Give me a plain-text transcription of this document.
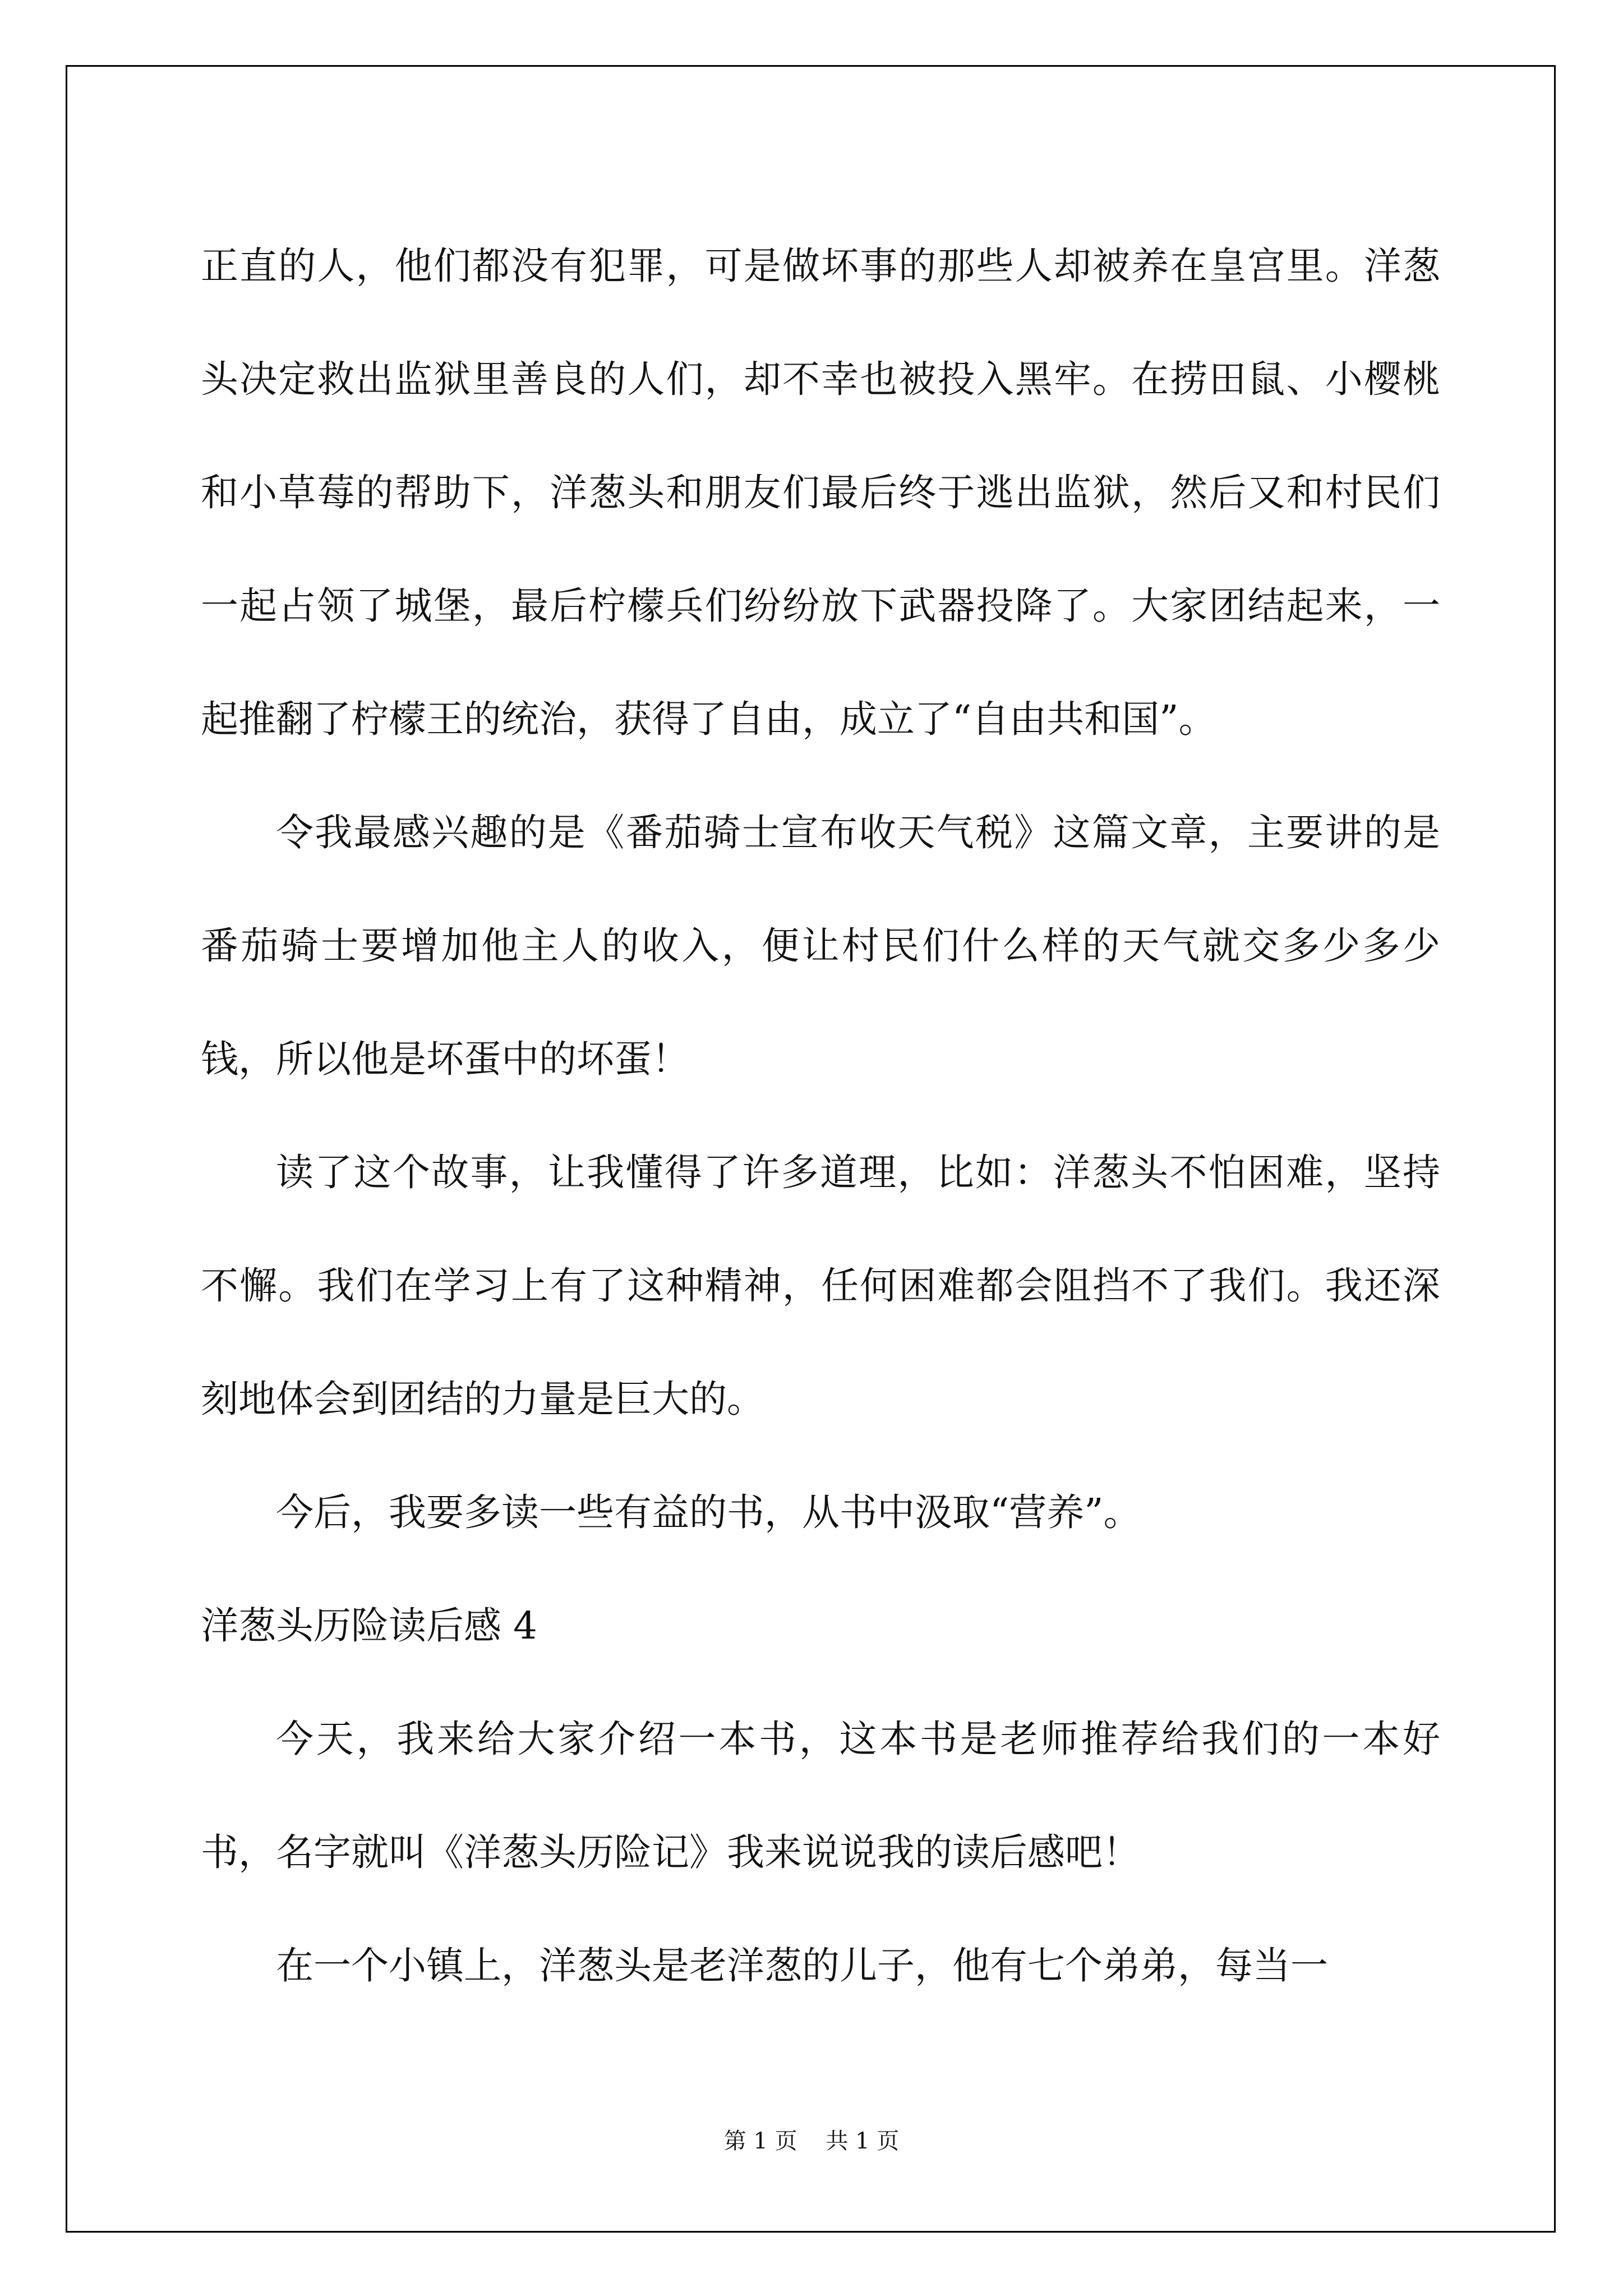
正直的人，他们都没有犯罪，可是做坏事的那些人却被养在皇宫里。洋葱头决定救出监狱里善良的人们，却不幸也被投入黑牢。在捞田鼠、小樱桃和小草莓的帮助下，洋葱头和朋友们最后终于逃出监狱，然后又和村民们一起占领了城堡，最后柠檬兵们纷纷放下武器投降了。大家团结起来，一起推翻了柠檬王的统治，获得了自由，成立了“自由共和国”。

令我最感兴趣的是《番茄骑士宣布收天气税》这篇文章，主要讲的是番茄骑士要增加他主人的收入，便让村民们什么样的天气就交多少多少钱，所以他是坏蛋中的坏蛋！

读了这个故事，让我懂得了许多道理，比如：洋葱头不怕困难，坚持不懈。我们在学习上有了这种精神，任何困难都会阻挡不了我们。我还深刻地体会到团结的力量是巨大的。

今后，我要多读一些有益的书，从书中汲取“营养”。

洋葱头历险读后感 4

今天，我来给大家介绍一本书，这本书是老师推荐给我们的一本好书，名字就叫《洋葱头历险记》我来说说我的读后感吧！

在一个小镇上，洋葱头是老洋葱的儿子，他有七个弟弟，每当一

第 1 页    共 1 页
